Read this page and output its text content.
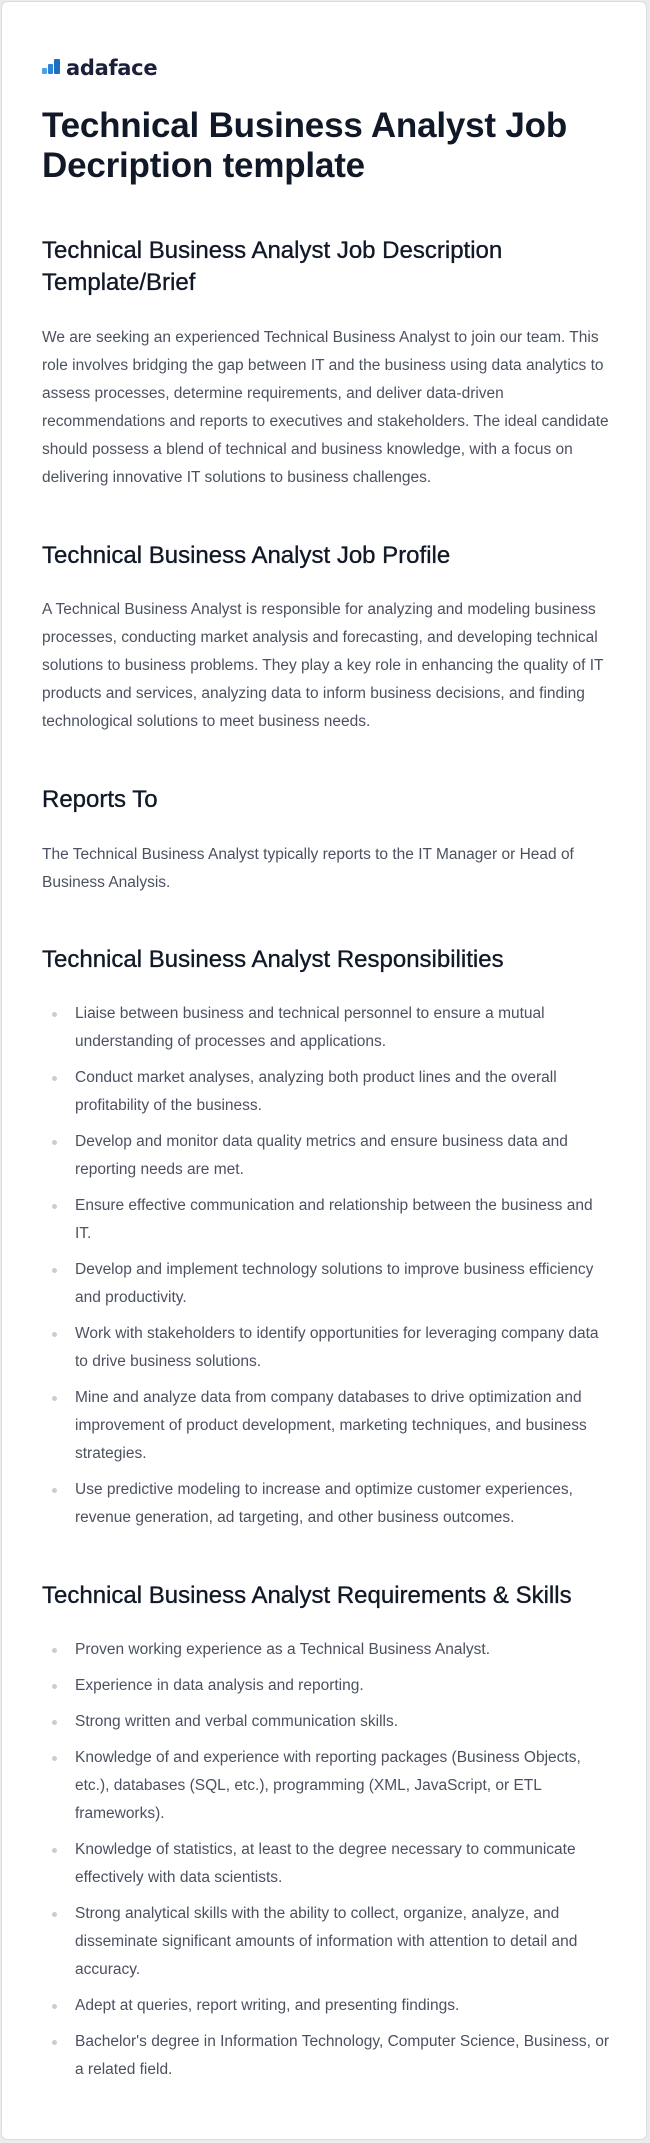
adaface
Technical Business Analyst Job Decription template
Technical Business Analyst Job Description Template/Brief

We are seeking an experienced Technical Business Analyst to join our team. This role involves bridging the gap between IT and the business using data analytics to assess processes, determine requirements, and deliver data-driven recommendations and reports to executives and stakeholders. The ideal candidate should possess a blend of technical and business knowledge, with a focus on delivering innovative IT solutions to business challenges.

Technical Business Analyst Job Profile

A Technical Business Analyst is responsible for analyzing and modeling business processes, conducting market analysis and forecasting, and developing technical solutions to business problems. They play a key role in enhancing the quality of IT products and services, analyzing data to inform business decisions, and finding technological solutions to meet business needs.

Reports To

The Technical Business Analyst typically reports to the IT Manager or Head of Business Analysis.

Technical Business Analyst Responsibilities
Liaise between business and technical personnel to ensure a mutual understanding of processes and applications.
Conduct market analyses, analyzing both product lines and the overall profitability of the business.
Develop and monitor data quality metrics and ensure business data and reporting needs are met.
Ensure effective communication and relationship between the business and IT.
Develop and implement technology solutions to improve business efficiency and productivity.
Work with stakeholders to identify opportunities for leveraging company data to drive business solutions.
Mine and analyze data from company databases to drive optimization and improvement of product development, marketing techniques, and business strategies.
Use predictive modeling to increase and optimize customer experiences, revenue generation, ad targeting, and other business outcomes.
Technical Business Analyst Requirements & Skills
Proven working experience as a Technical Business Analyst.
Experience in data analysis and reporting.
Strong written and verbal communication skills.
Knowledge of and experience with reporting packages (Business Objects, etc.), databases (SQL, etc.), programming (XML, JavaScript, or ETL frameworks).
Knowledge of statistics, at least to the degree necessary to communicate effectively with data scientists.
Strong analytical skills with the ability to collect, organize, analyze, and disseminate significant amounts of information with attention to detail and accuracy.
Adept at queries, report writing, and presenting findings.
Bachelor's degree in Information Technology, Computer Science, Business, or a related field.
